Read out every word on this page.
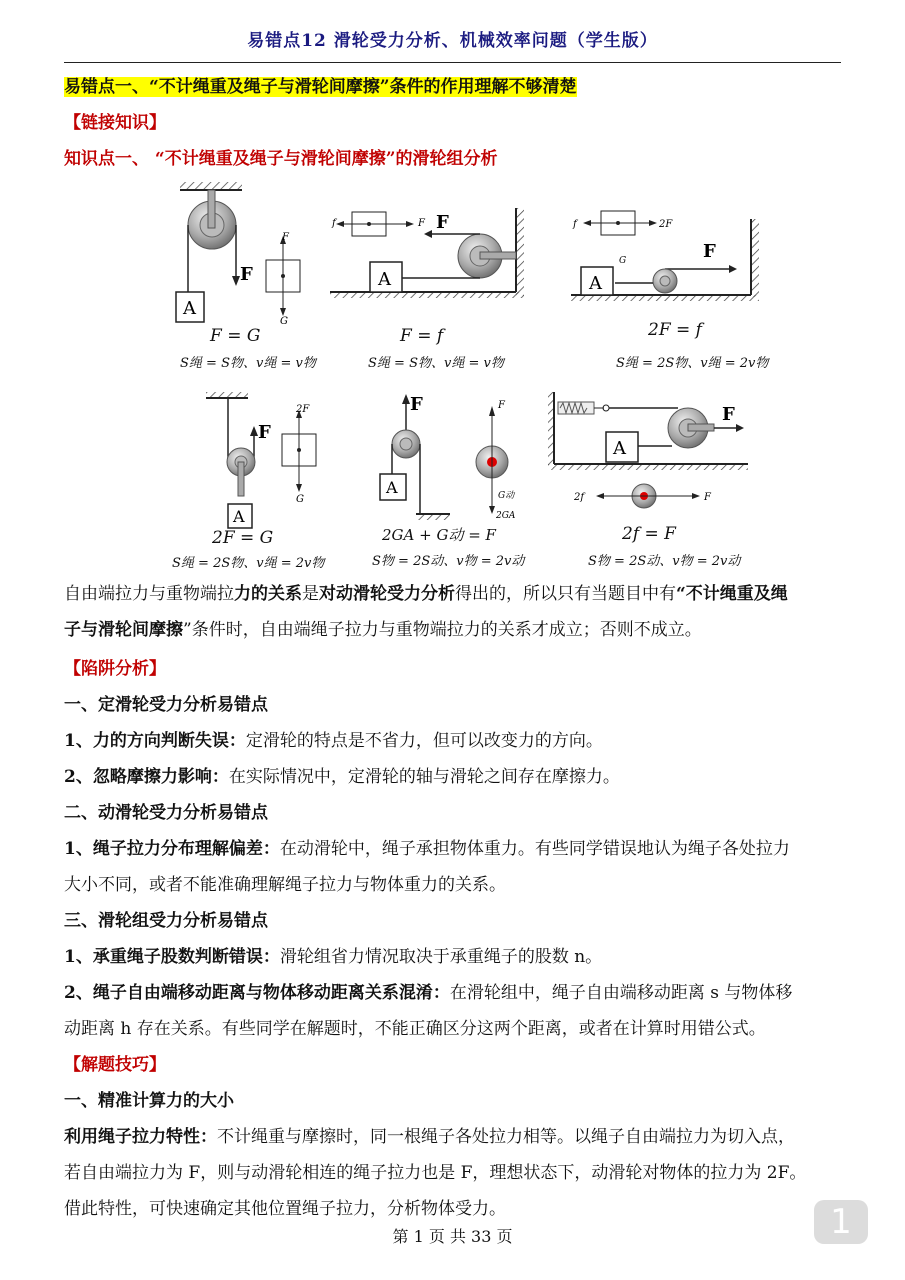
易错点12 滑轮受力分析、机械效率问题（学生版）
易错点一、“不计绳重及绳子与滑轮间摩擦”条件的作用理解不够清楚
【链接知识】
知识点一、 “不计绳重及绳子与滑轮间摩擦”的滑轮组分析
F
A
F
G
F = G
S绳 = S物、v绳 = v物
f	F F
A
F = f
S绳 = S物、v绳 = v物
f	2F
F
G
A
2F = f
S绳 = 2S物、v绳 = 2v物
F
A
2F
G
2F = G
S绳 = 2S物、v绳 = 2v物
F
A
F
G动
2GA
2GA + G动 = F
S物 = 2S动、v物 = 2v动
F
A
2f	F
2f = F
S物 = 2S动、v物 = 2v动

自由端拉力与重物端拉力的关系是对动滑轮受力分析得出的，所以只有当题目中有“不计绳重及绳

子与滑轮间摩擦”条件时，自由端绳子拉力与重物端拉力的关系才成立；否则不成立。

【陷阱分析】
一、定滑轮受力分析易错点
1、力的方向判断失误：定滑轮的特点是不省力，但可以改变力的方向。
2、忽略摩擦力影响：在实际情况中，定滑轮的轴与滑轮之间存在摩擦力。
二、动滑轮受力分析易错点
1、绳子拉力分布理解偏差：在动滑轮中，绳子承担物体重力。有些同学错误地认为绳子各处拉力
大小不同，或者不能准确理解绳子拉力与物体重力的关系。
三、滑轮组受力分析易错点
1、承重绳子股数判断错误：滑轮组省力情况取决于承重绳子的股数 n。
2、绳子自由端移动距离与物体移动距离关系混淆：在滑轮组中，绳子自由端移动距离 s 与物体移
动距离 h 存在关系。有些同学在解题时，不能正确区分这两个距离，或者在计算时用错公式。
【解题技巧】
一、精准计算力的大小
利用绳子拉力特性：不计绳重与摩擦时，同一根绳子各处拉力相等。以绳子自由端拉力为切入点，
若自由端拉力为 F，则与动滑轮相连的绳子拉力也是 F，理想状态下，动滑轮对物体的拉力为 2F。
借此特性，可快速确定其他位置绳子拉力，分析物体受力。
第 1 页 共 33 页	1
